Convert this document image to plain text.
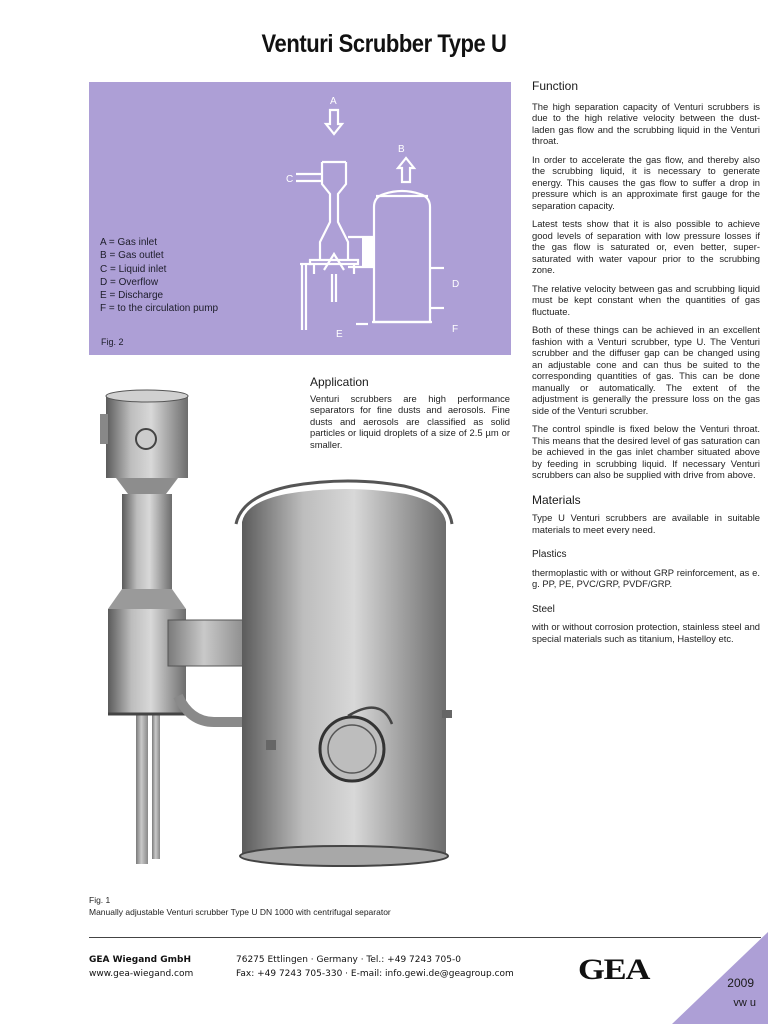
Venturi Scrubber Type U
A = Gas inlet
B = Gas outlet
C = Liquid inlet
D = Overflow
E = Discharge
F = to the circulation pump
Fig. 2
A
B
C
D
E	F
Application
Venturi scrubbers are high performance separators for fine dusts and aerosols. Fine dusts and aerosols are classified as solid particles or liquid droplets of a size of 2.5 µm or smaller.
Function

The high separation capacity of Venturi scrubbers is due to the high relative velocity between the dust-laden gas flow and the scrubbing liquid in the Venturi throat.

In order to accelerate the gas flow, and thereby also the scrubbing liquid, it is necessary to generate energy. This causes the gas flow to suffer a drop in pressure which is an approximate first gauge for the separation capacity.

Latest tests show that it is also possible to achieve good levels of separation with low pressure losses if the gas flow is saturated or, even better, super-saturated with water vapour prior to the scrubbing zone.

The relative velocity between gas and scrubbing liquid must be kept constant when the quantities of gas fluctuate.

Both of these things can be achieved in an excellent fashion with a Venturi scrubber, type U. The Venturi scrubber and the diffuser gap can be changed using an adjustable cone and can thus be suited to the corresponding quantities of gas. This can be done manually or automatically. The extent of the adjustment is generally the pressure loss on the gas side of the Venturi scrubber.

The control spindle is fixed below the Venturi throat. This means that the desired level of gas saturation can be achieved in the gas inlet chamber situated above by feeding in scrubbing liquid. If necessary Venturi scrubbers can also be supplied with drive from above.

Materials

Type U Venturi scrubbers are available in suitable materials to meet every need.

Plastics

thermoplastic with or without GRP reinforcement, as e. g. PP, PE, PVC/GRP, PVDF/GRP.

Steel

with or without corrosion protection, stainless steel and special materials such as titanium, Hastelloy etc.

Fig. 1
Manually adjustable Venturi scrubber Type U DN 1000 with centrifugal separator
GEA Wiegand GmbH
www.gea-wiegand.com
76275 Ettlingen · Germany · Tel.: +49 7243 705-0
Fax: +49 7243 705-330 · E-mail: info.gewi.de@geagroup.com GEA	2009
vw u
